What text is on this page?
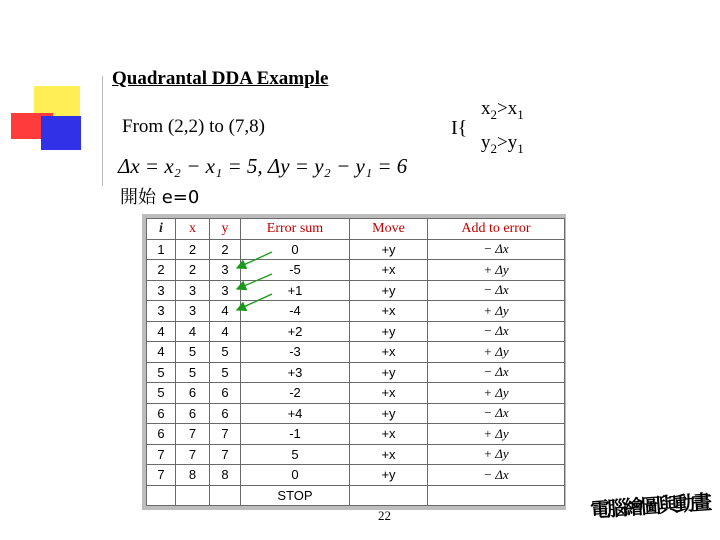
Quadrantal DDA Example
From (2,2) to (7,8)	I{
$x_2>x_1$
$y_2>y_1$
Δx = x₂ − x₁ = 5, Δy = y₂ − y₁ = 6
開始 e=0
i	x	y	Error sum	Move	Add to error
1	2	2	0	+y	− Δx
2	2	3	-5	+x	+ Δy
3	3	3	+1	+y	− Δx
3	3	4	-4	+x	+ Δy
4	4	4	+2	+y	− Δx
4	5	5	-3	+x	+ Δy
5	5	5	+3	+y	− Δx
5	6	6	-2	+x	+ Δy
6	6	6	+4	+y	− Δx
6	7	7	-1	+x	+ Δy
7	7	7	5	+x	+ Δy
7	8	8	0	+y	− Δx
			STOP		
22	電腦繪圖與動畫
